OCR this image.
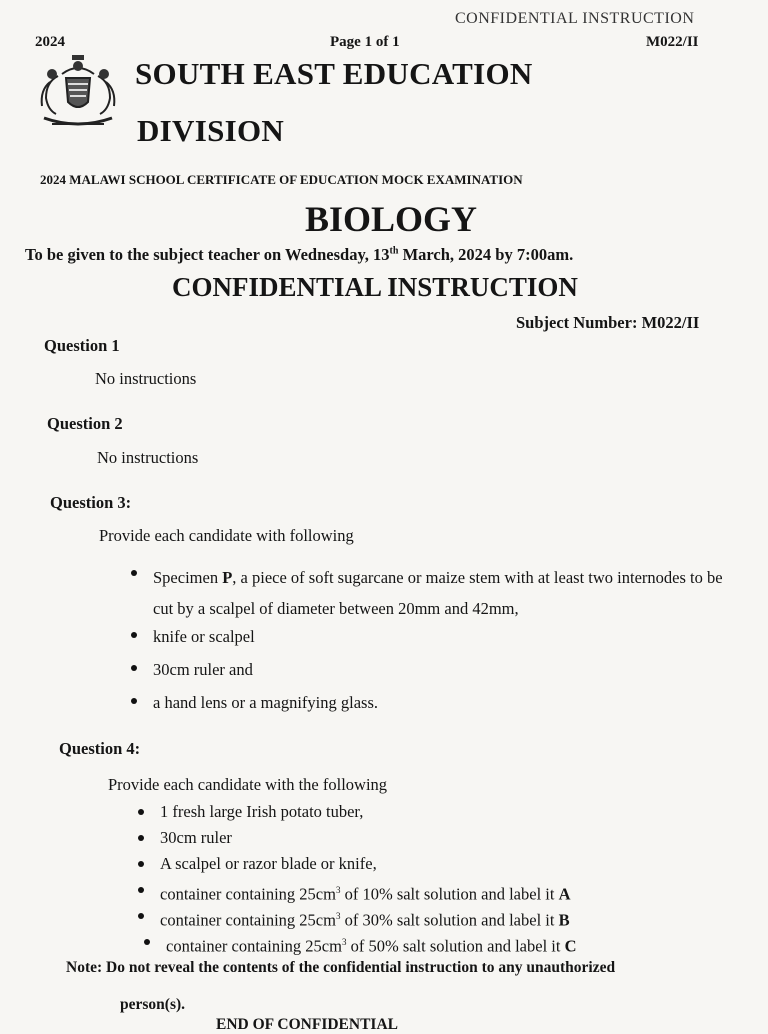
CONFIDENTIAL INSTRUCTION
2024	Page 1 of 1	M022/II
SOUTH EAST EDUCATION
DIVISION
2024 MALAWI SCHOOL CERTIFICATE OF EDUCATION MOCK EXAMINATION
BIOLOGY
To be given to the subject teacher on Wednesday, 13th March, 2024 by 7:00am.
CONFIDENTIAL INSTRUCTION
Subject Number: M022/II
Question 1
No instructions
Question 2
No instructions
Question 3:
Provide each candidate with following
Specimen P, a piece of soft sugarcane or maize stem with at least two internodes to be cut by a scalpel of diameter between 20mm and 42mm,
knife or scalpel
30cm ruler and
a hand lens or a magnifying glass.
Question 4:
Provide each candidate with the following
1 fresh large Irish potato tuber,
30cm ruler
A scalpel or razor blade or knife,
container containing $25cm^3$ of 10% salt solution and label it A
container containing $25cm^3$ of 30% salt solution and label it B
container containing $25cm^3$ of 50% salt solution and label it C
Note: Do not reveal the contents of the confidential instruction to any unauthorized
person(s).
END OF CONFIDENTIAL
